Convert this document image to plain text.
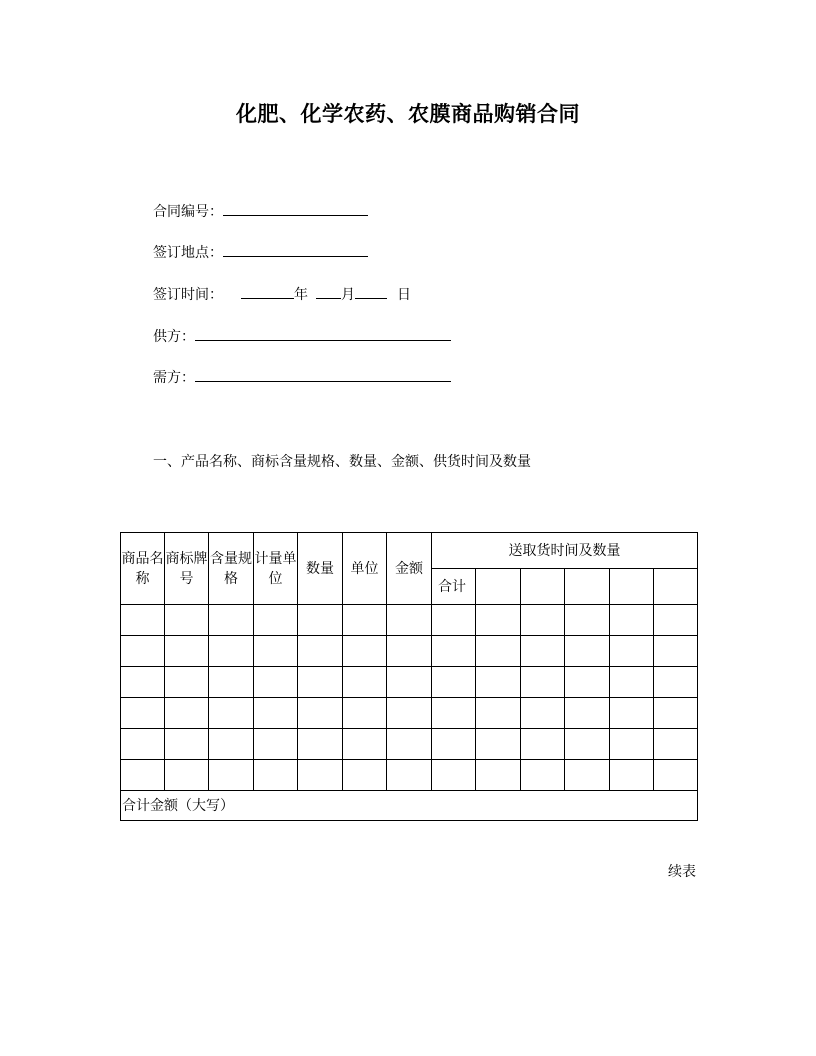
化肥、化学农药、农膜商品购销合同
合同编号：
签订地点：
签订时间：	年 月	日
供方：
需方：
一、产品名称、商标含量规格、数量、金额、供货时间及数量
商品名称	商标牌号	含量规格	计量单位	数量	单位	金额	送取货时间及数量					
							合计					

合计金额（大写）												
续表
